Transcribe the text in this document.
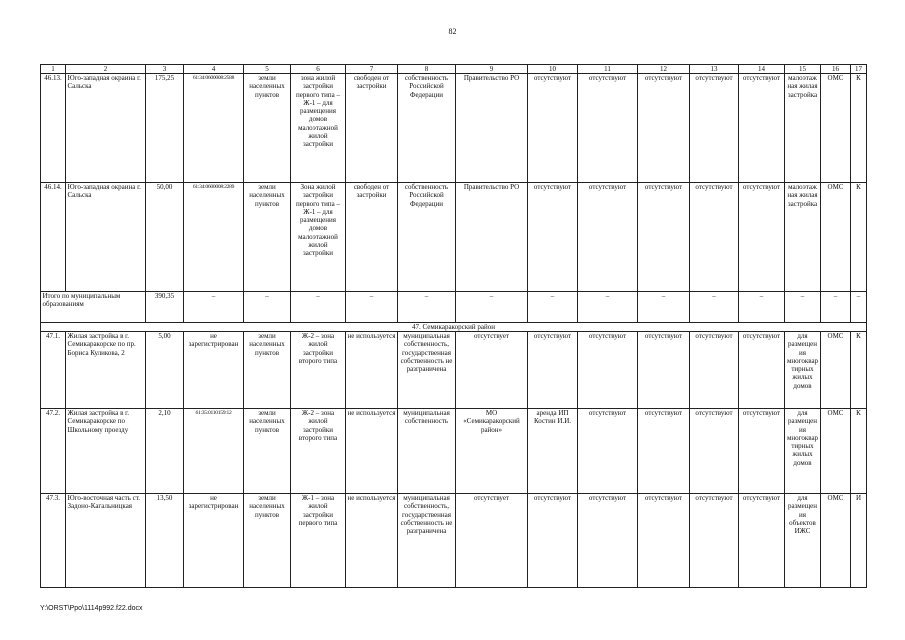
82
1	2	3	4	5	6	7	8	9	10	11	12	13	14	15	16	17
46.13.	Юго-западная окраина г. Сальска	175,25	61:34:0600008:2588	земли населенных пунктов	зона жилой застройки первого типа – Ж-1 – для размещения домов малоэтажной жилой застройки	свободен от застройки	собственность Российской Федерации	Правительство РО	отсутствуют	отсутствуют	отсутствуют	отсутствуют	отсутствуют	малоэтажная жилая застройка	ОМС	К
46.14.	Юго-западная окраина г. Сальска	50,00	61:34:0600008:2289	земли населенных пунктов	Зона жилой застройки первого типа – Ж-1 – для размещения домов малоэтажной жилой застройки	свободен от застройки	собственность Российской Федерации	Правительство РО	отсутствуют	отсутствуют	отсутствуют	отсутствуют	отсутствуют	малоэтажная жилая застройка	ОМС	К
Итого по муниципальным образованиям		390,35	–	–	–	–	–	–	–	–	–	–	–	–	–	–
47. Семикаракорский район																
47.1.	Жилая застройка в г. Семикаракорске по пр. Бориса Куликова, 2	5,00	не зарегистрирован	земли населенных пунктов	Ж-2 – зона жилой застройки второго типа	не используется	муниципальная собственность, государственная собственность не разграничена	отсутствует	отсутствуют	отсутствуют	отсутствуют	отсутствуют	отсутствуют	для размещения многоквартирных жилых домов	ОМС	К
47.2.	Жилая застройка в г. Семикаракорске по Школьному проезду	2,10	61:35:0110159:12	земли населенных пунктов	Ж-2 – зона жилой застройки второго типа	не используется	муниципальная собственность	МО «Семикаракорский район»	аренда ИП Костин И.И.	отсутствуют	отсутствуют	отсутствуют	отсутствуют	для размещения многоквартирных жилых домов	ОМС	К
47.3.	Юго-восточная часть ст. Задоно-Кагальницкая	13,50	не зарегистрирован	земли населенных пунктов	Ж-1 – зона жилой застройки первого типа	не используется	муниципальная собственность, государственная собственность не разграничена	отсутствует	отсутствуют	отсутствуют	отсутствуют	отсутствуют	отсутствуют	для размещения объектов ИЖС	ОМС	И
Y:\ORST\Ppo\1114p992.f22.docx
